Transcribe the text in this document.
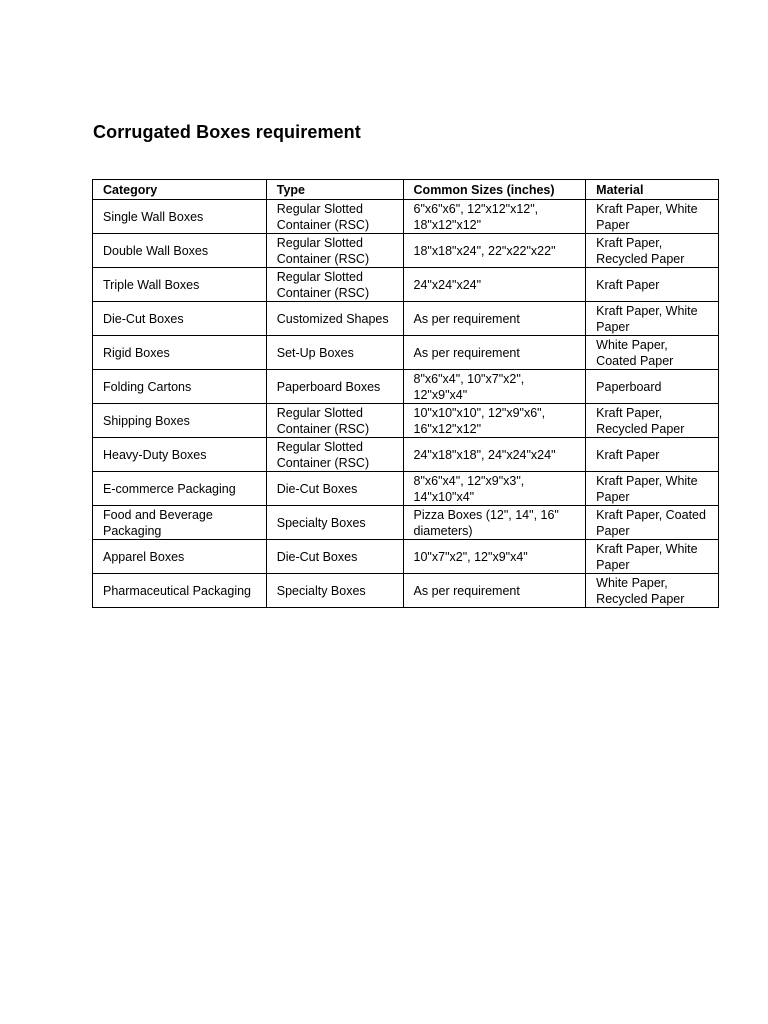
Corrugated Boxes requirement
Category	Type	Common Sizes (inches)	Material

Single Wall Boxes	Regular Slotted
Container (RSC)	6"x6"x6", 12"x12"x12",
18"x12"x12"	Kraft Paper, White
Paper

Double Wall Boxes	Regular Slotted
Container (RSC)	18"x18"x24", 22"x22"x22"	Kraft Paper,
Recycled Paper

Triple Wall Boxes	Regular Slotted
Container (RSC)	24"x24"x24"	Kraft Paper

Die-Cut Boxes	Customized Shapes	As per requirement	Kraft Paper, White
Paper

Rigid Boxes	Set-Up Boxes	As per requirement	White Paper,
Coated Paper

Folding Cartons	Paperboard Boxes	8"x6"x4", 10"x7"x2",
12"x9"x4"	Paperboard

Shipping Boxes	Regular Slotted
Container (RSC)	10"x10"x10", 12"x9"x6",
16"x12"x12"	Kraft Paper,
Recycled Paper

Heavy-Duty Boxes	Regular Slotted
Container (RSC)	24"x18"x18", 24"x24"x24"	Kraft Paper

E-commerce Packaging	Die-Cut Boxes	8"x6"x4", 12"x9"x3",
14"x10"x4"	Kraft Paper, White
Paper

Food and Beverage
Packaging	Specialty Boxes	Pizza Boxes (12", 14", 16"
diameters)	Kraft Paper, Coated
Paper

Apparel Boxes	Die-Cut Boxes	10"x7"x2", 12"x9"x4"	Kraft Paper, White
Paper

Pharmaceutical Packaging	Specialty Boxes	As per requirement	White Paper,
Recycled Paper
